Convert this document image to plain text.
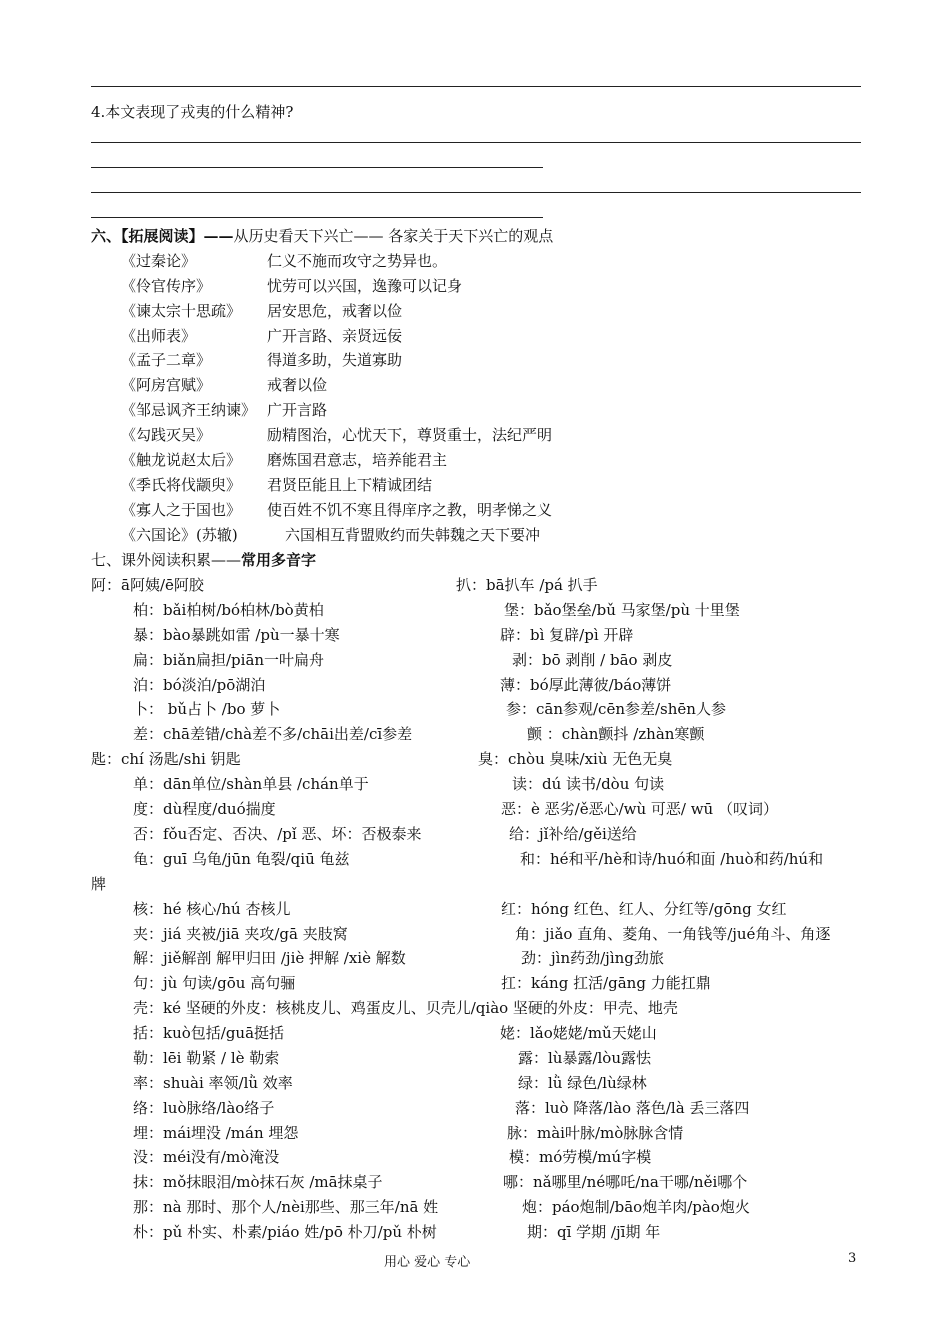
4.本文表现了戎夷的什么精神?
六、【拓展阅读】——从历史看天下兴亡—— 各家关于天下兴亡的观点
《过秦论》	仁义不施而攻守之势异也。
《伶官传序》	忧劳可以兴国，逸豫可以记身
《谏太宗十思疏》 居安思危，戒奢以俭
《出师表》	广开言路、亲贤远佞
《孟子二章》	得道多助，失道寡助
《阿房宫赋》	戒奢以俭
《邹忌讽齐王纳谏》 广开言路
《勾践灭吴》	励精图治，心忧天下，尊贤重士，法纪严明
《触龙说赵太后》 磨炼国君意志，培养能君主
《季氏将伐颛臾》 君贤臣能且上下精诚团结
《寡人之于国也》 使百姓不饥不寒且得庠序之教，明孝悌之义
《六国论》(苏辙)	六国相互背盟败约而失韩魏之天下要冲
七、课外阅读积累——常用多音字
阿：ā阿姨/ē阿胶
柏：bǎi柏树/bó柏林/bò黄柏
暴：bào暴跳如雷 /pù一暴十寒
扁：biǎn扁担/piān一叶扁舟
泊：bó淡泊/pō湖泊
卜： bǔ占卜 /bo 萝卜
差：chā差错/chà差不多/chāi出差/cī参差
匙：chí 汤匙/shi 钥匙
单：dān单位/shàn单县 /chán单于
度：dù程度/duó揣度
否：fǒu否定、否决、/pǐ 恶、坏：否极泰来
龟：guī 乌龟/jūn 龟裂/qiū 龟兹
牌
核：hé 核心/hú 杏核儿
夹：jiá 夹被/jiā 夹攻/gā 夹肢窝
解：jiě解剖 解甲归田 /jiè 押解 /xiè 解数
句：jù 句读/gōu 高句骊
壳：ké 坚硬的外皮：核桃皮儿、鸡蛋皮儿、贝壳儿/qiào 坚硬的外皮：甲壳、地壳
括：kuò包括/guā挺括
勒：lēi 勒紧 / lè 勒索
率：shuài 率领/lǜ 效率
络：luò脉络/lào络子
埋：mái埋没 /mán 埋怨
没：méi没有/mò淹没
抹：mǒ抹眼泪/mò抹石灰 /mā抹桌子
那：nà 那时、那个人/nèi那些、那三年/nā 姓
朴：pǔ 朴实、朴素/piáo 姓/pō 朴刀/pǔ 朴树
扒：bā扒车 /pá 扒手
堡：bǎo堡垒/bǔ 马家堡/pù 十里堡
辟：bì 复辟/pì 开辟
剥：bō 剥削 / bāo 剥皮
薄：bó厚此薄彼/báo薄饼
参：cān参观/cēn参差/shēn人参
颤 ：chàn颤抖 /zhàn寒颤
臭：chòu 臭味/xiù 无色无臭
读：dú 读书/dòu 句读
恶：è 恶劣/ě恶心/wù 可恶/ wū （叹词）
给：jǐ补给/gěi送给
和：hé和平/hè和诗/huó和面 /huò和药/hú和
红：hóng 红色、红人、分红等/gōng 女红
角：jiǎo 直角、菱角、一角钱等/jué角斗、角逐
劲：jìn药劲/jìng劲旅
扛：káng 扛活/gāng 力能扛鼎
姥：lǎo姥姥/mǔ天姥山
露：lù暴露/lòu露怯
绿：lǜ 绿色/lù绿林
落：luò 降落/lào 落色/là 丢三落四
脉：mài叶脉/mò脉脉含情
模：mó劳模/mú字模
哪：nǎ哪里/né哪吒/na干哪/něi哪个
炮：páo炮制/bāo炮羊肉/pào炮火
期：qī 学期 /jī期 年
用心 爱心 专心	3
